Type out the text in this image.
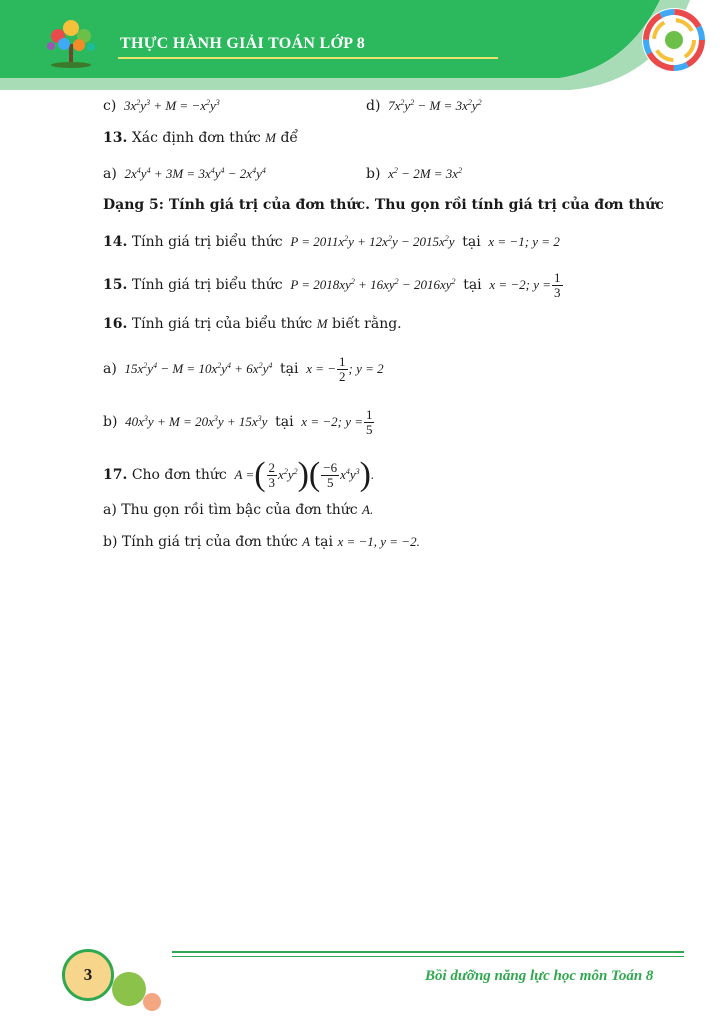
THỰC HÀNH GIẢI TOÁN LỚP 8
c)  $3x^2y^3 + M = -x^2y^3$	d)  $7x^2y^2 - M = 3x^2y^2$
13. Xác định đơn thức M để
a)  $2x^4y^4 + 3M = 3x^4y^4 - 2x^4y^4$	b)  $x^2 - 2M = 3x^2$
Dạng 5: Tính giá trị của đơn thức. Thu gọn rồi tính giá trị của đơn thức
14. Tính giá trị biểu thức  $P = 2011x^2y + 12x^2y - 2015x^2y$  tại  x = −1; y = 2
15. Tính giá trị biểu thức  $P = 2018xy^2 + 16xy^2 - 2016xy^2$ tại  x = −2; $y = \frac{1}{3}$
16. Tính giá trị của biểu thức M biết rằng.
a)  $15x^2y^4 - M = 10x^2y^4 + 6x^2y^4$ tại  x = − $\frac{1}{2}$ ; y = 2
b)  $40x^3y + M = 20x^3y + 15x^3y$  tại  x = −2; $y = \frac{1}{5}$
17. Cho đơn thức  A =( $\frac{2}{3} x^2y^2)( \frac{-6}{5} x^4y^3)$.
a) Thu gọn rồi tìm bậc của đơn thức A.
b) Tính giá trị của đơn thức A tại x = −1, y = −2.
3	Bồi dưỡng năng lực học môn Toán 8
